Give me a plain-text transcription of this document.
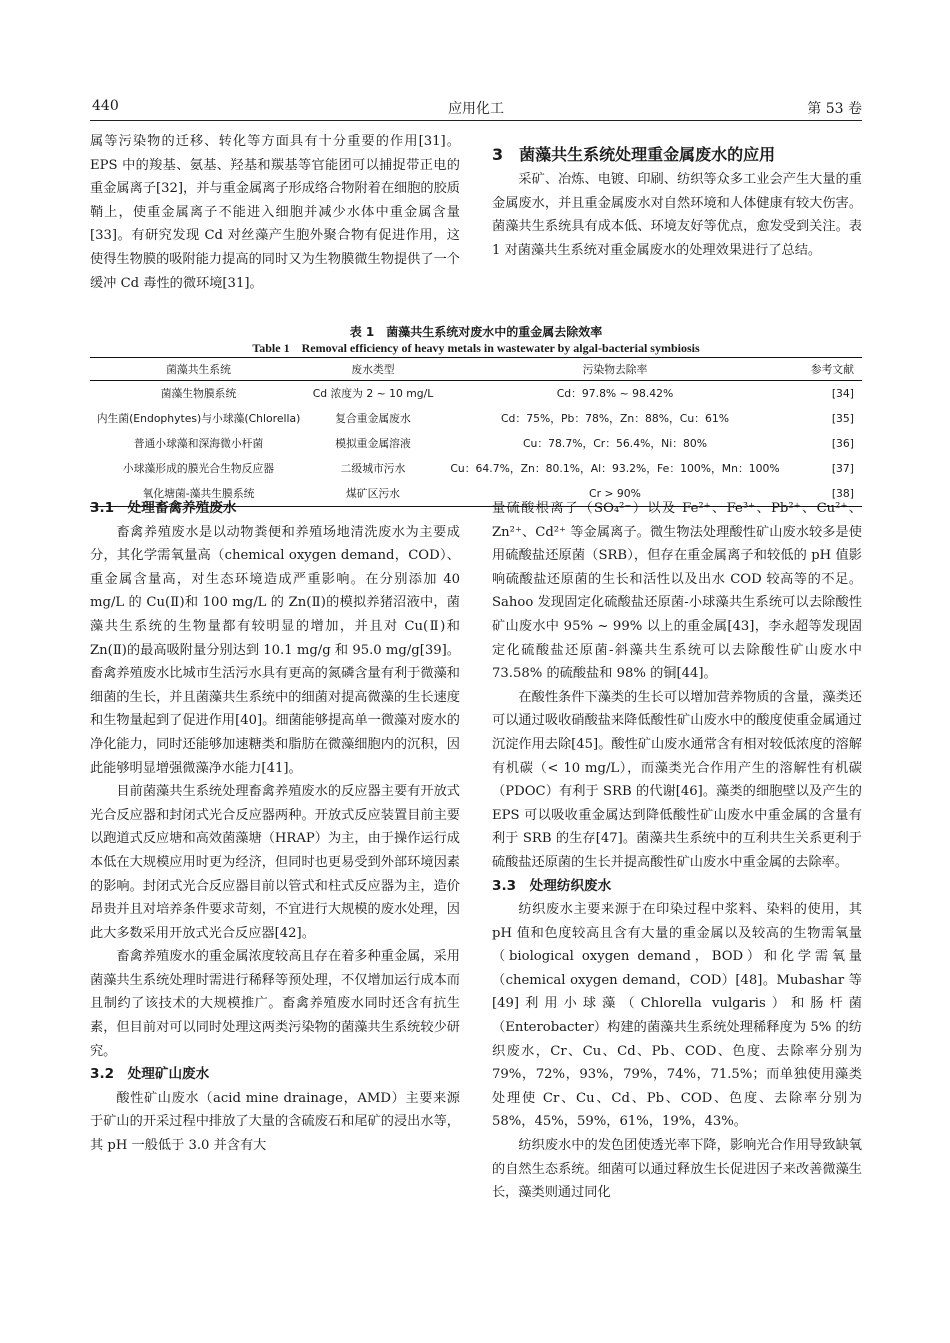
440	应用化工	第 53 卷

属等污染物的迁移、转化等方面具有十分重要的作用[31]。EPS 中的羧基、氨基、羟基和羰基等官能团可以捕捉带正电的重金属离子[32]，并与重金属离子形成络合物附着在细胞的胶质鞘上，使重金属离子不能进入细胞并减少水体中重金属含量[33]。有研究发现 Cd 对丝藻产生胞外聚合物有促进作用，这使得生物膜的吸附能力提高的同时又为生物膜微生物提供了一个缓冲 Cd 毒性的微环境[31]。

3　菌藻共生系统处理重金属废水的应用

采矿、冶炼、电镀、印刷、纺织等众多工业会产生大量的重金属废水，并且重金属废水对自然环境和人体健康有较大伤害。菌藻共生系统具有成本低、环境友好等优点，愈发受到关注。表 1 对菌藻共生系统对重金属废水的处理效果进行了总结。

表 1　菌藻共生系统对废水中的重金属去除效率
Table 1　Removal efficiency of heavy metals in wastewater by algal-bacterial symbiosis
菌藻共生系统	废水类型	污染物去除率	参考文献
菌藻生物膜系统	Cd 浓度为 2 ~ 10 mg/L	Cd：97.8% ~ 98.42%	[34]
内生菌(Endophytes)与小球藻(Chlorella)	复合重金属废水	Cd：75%，Pb：78%，Zn：88%，Cu：61%	[35]
普通小球藻和深海微小杆菌	模拟重金属溶液	Cu：78.7%，Cr：56.4%，Ni：80%	[36]
小球藻形成的膜光合生物反应器	二级城市污水	Cu：64.7%，Zn：80.1%，Al：93.2%，Fe：100%，Mn：100%	[37]
氧化塘菌-藻共生膜系统	煤矿区污水	Cr > 90%	[38]
3.1　处理畜禽养殖废水

畜禽养殖废水是以动物粪便和养殖场地清洗废水为主要成分，其化学需氧量高（chemical oxygen demand，COD）、重金属含量高，对生态环境造成严重影响。在分别添加 40 mg/L 的 Cu(Ⅱ)和 100 mg/L 的 Zn(Ⅱ)的模拟养猪沼液中，菌藻共生系统的生物量都有较明显的增加，并且对 Cu(Ⅱ)和 Zn(Ⅱ)的最高吸附量分别达到 10.1 mg/g 和 95.0 mg/g[39]。畜禽养殖废水比城市生活污水具有更高的氮磷含量有利于微藻和细菌的生长，并且菌藻共生系统中的细菌对提高微藻的生长速度和生物量起到了促进作用[40]。细菌能够提高单一微藻对废水的净化能力，同时还能够加速糖类和脂肪在微藻细胞内的沉积，因此能够明显增强微藻净水能力[41]。

目前菌藻共生系统处理畜禽养殖废水的反应器主要有开放式光合反应器和封闭式光合反应器两种。开放式反应装置目前主要以跑道式反应塘和高效菌藻塘（HRAP）为主，由于操作运行成本低在大规模应用时更为经济，但同时也更易受到外部环境因素的影响。封闭式光合反应器目前以管式和柱式反应器为主，造价昂贵并且对培养条件要求苛刻，不宜进行大规模的废水处理，因此大多数采用开放式光合反应器[42]。

畜禽养殖废水的重金属浓度较高且存在着多种重金属，采用菌藻共生系统处理时需进行稀释等预处理，不仅增加运行成本而且制约了该技术的大规模推广。畜禽养殖废水同时还含有抗生素，但目前对可以同时处理这两类污染物的菌藻共生系统较少研究。

3.2　处理矿山废水

酸性矿山废水（acid mine drainage，AMD）主要来源于矿山的开采过程中排放了大量的含硫废石和尾矿的浸出水等，其 pH 一般低于 3.0 并含有大

量硫酸根离子（SO₄²⁻）以及 Fe²⁺、Fe³⁺、Pb²⁺、Cu²⁺、Zn²⁺、Cd²⁺ 等金属离子。微生物法处理酸性矿山废水较多是使用硫酸盐还原菌（SRB），但存在重金属离子和较低的 pH 值影响硫酸盐还原菌的生长和活性以及出水 COD 较高等的不足。Sahoo 发现固定化硫酸盐还原菌-小球藻共生系统可以去除酸性矿山废水中 95% ~ 99% 以上的重金属[43]，李永超等发现固定化硫酸盐还原菌-斜藻共生系统可以去除酸性矿山废水中 73.58% 的硫酸盐和 98% 的铜[44]。

在酸性条件下藻类的生长可以增加营养物质的含量，藻类还可以通过吸收硝酸盐来降低酸性矿山废水中的酸度使重金属通过沉淀作用去除[45]。酸性矿山废水通常含有相对较低浓度的溶解有机碳（< 10 mg/L），而藻类光合作用产生的溶解性有机碳（PDOC）有利于 SRB 的代谢[46]。藻类的细胞壁以及产生的 EPS 可以吸收重金属达到降低酸性矿山废水中重金属的含量有利于 SRB 的生存[47]。菌藻共生系统中的互利共生关系更利于硫酸盐还原菌的生长并提高酸性矿山废水中重金属的去除率。

3.3　处理纺织废水

纺织废水主要来源于在印染过程中浆料、染料的使用，其 pH 值和色度较高且含有大量的重金属以及较高的生物需氧量（biological oxygen demand，BOD）和化学需氧量（chemical oxygen demand，COD）[48]。Mubashar 等[49]利用小球藻（Chlorella vulgaris）和肠杆菌（Enterobacter）构建的菌藻共生系统处理稀释度为 5% 的纺织废水，Cr、Cu、Cd、Pb、COD、色度、去除率分别为 79%，72%，93%，79%，74%，71.5%；而单独使用藻类处理使 Cr、Cu、Cd、Pb、COD、色度、去除率分别为 58%，45%，59%，61%，19%，43%。

纺织废水中的发色团使透光率下降，影响光合作用导致缺氧的自然生态系统。细菌可以通过释放生长促进因子来改善微藻生长，藻类则通过同化
